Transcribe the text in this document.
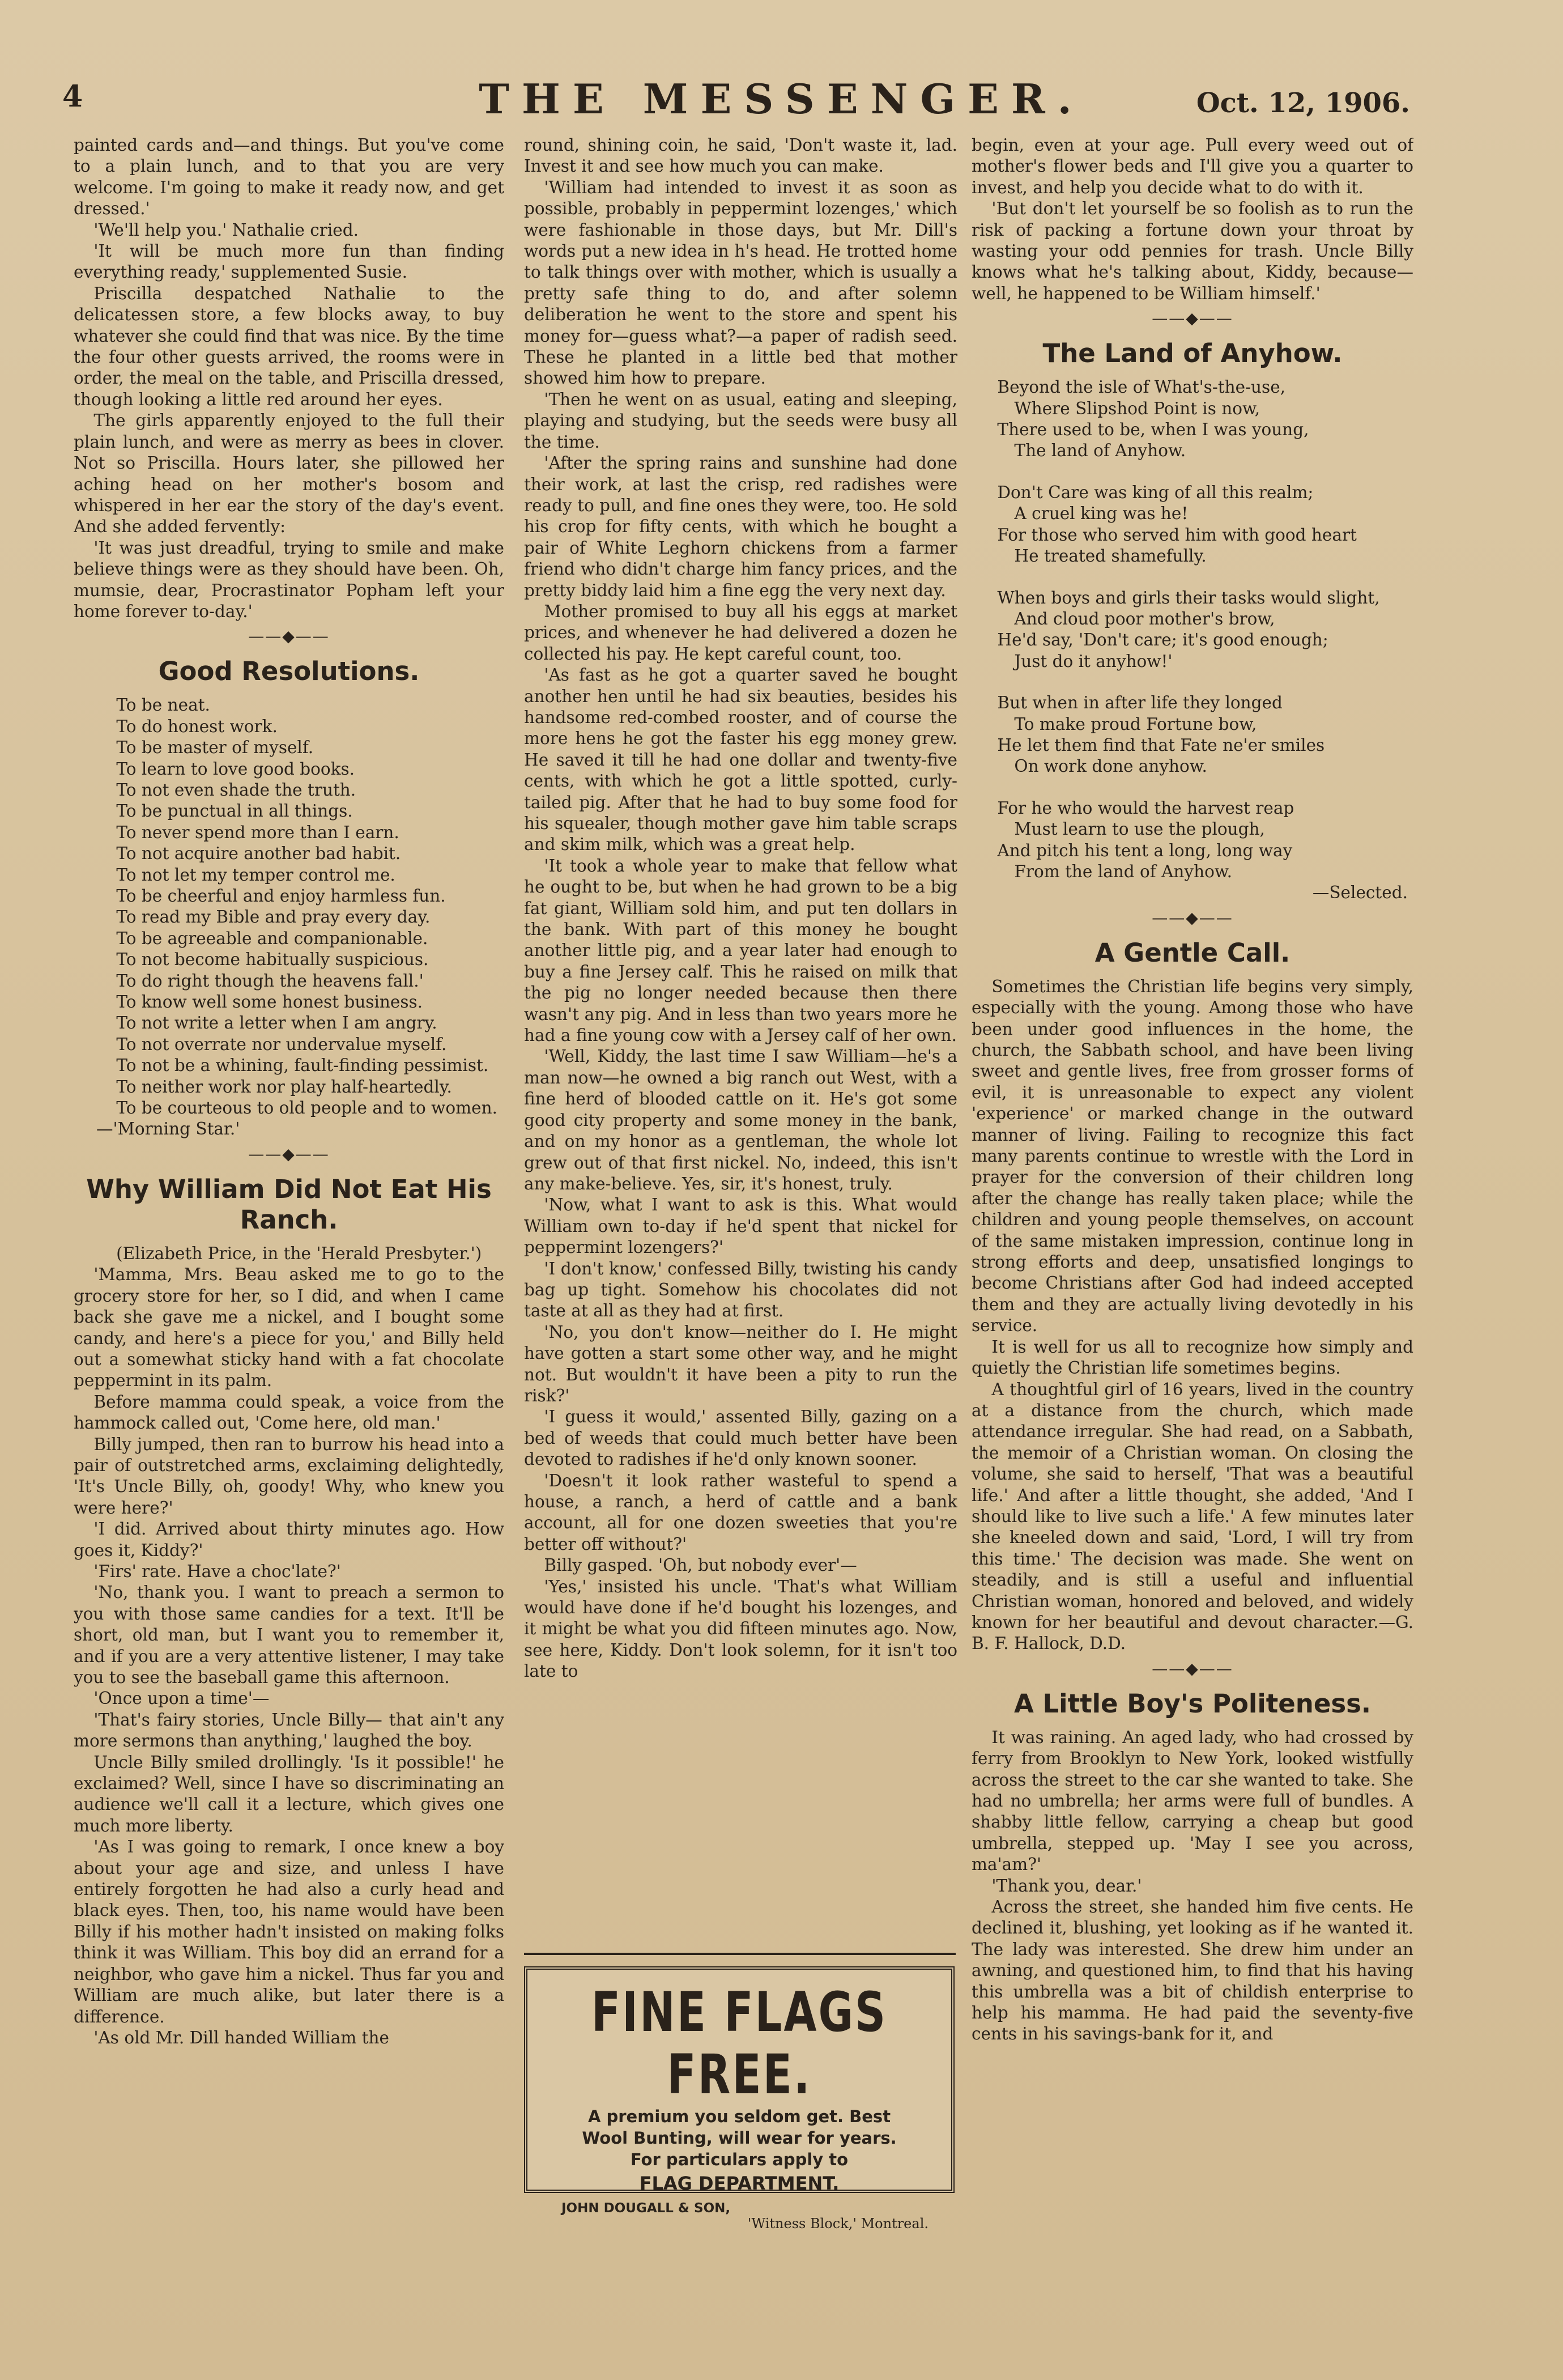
4	THE MESSENGER.	Oct. 12, 1906.

painted cards and—and things. But you've come to a plain lunch, and to that you are very welcome. I'm going to make it ready now, and get dressed.'

'We'll help you.' Nathalie cried.

'It will be much more fun than finding everything ready,' supplemented Susie.

Priscilla despatched Nathalie to the delicatessen store, a few blocks away, to buy whatever she could find that was nice. By the time the four other guests arrived, the rooms were in order, the meal on the table, and Priscilla dressed, though looking a little red around her eyes.

The girls apparently enjoyed to the full their plain lunch, and were as merry as bees in clover. Not so Priscilla. Hours later, she pillowed her aching head on her mother's bosom and whispered in her ear the story of the day's event. And she added fervently:

'It was just dreadful, trying to smile and make believe things were as they should have been. Oh, mumsie, dear, Procrastinator Popham left your home forever to-day.'

——◆——
Good Resolutions.

To be neat.

To do honest work.

To be master of myself.

To learn to love good books.

To not even shade the truth.

To be punctual in all things.

To never spend more than I earn.

To not acquire another bad habit.

To not let my temper control me.

To be cheerful and enjoy harmless fun.

To read my Bible and pray every day.

To be agreeable and companionable.

To not become habitually suspicious.

To do right though the heavens fall.'

To know well some honest business.

To not write a letter when I am angry.

To not overrate nor undervalue myself.

To not be a whining, fault-finding pessimist.

To neither work nor play half-heartedly.

To be courteous to old people and to women.—'Morning Star.'

——◆——
Why William Did Not Eat His Ranch.

(Elizabeth Price, in the 'Herald Presbyter.')

'Mamma, Mrs. Beau asked me to go to the grocery store for her, so I did, and when I came back she gave me a nickel, and I bought some candy, and here's a piece for you,' and Billy held out a somewhat sticky hand with a fat chocolate peppermint in its palm.

Before mamma could speak, a voice from the hammock called out, 'Come here, old man.'

Billy jumped, then ran to burrow his head into a pair of outstretched arms, exclaiming delightedly, 'It's Uncle Billy, oh, goody! Why, who knew you were here?'

'I did. Arrived about thirty minutes ago. How goes it, Kiddy?'

'Firs' rate. Have a choc'late?'

'No, thank you. I want to preach a sermon to you with those same candies for a text. It'll be short, old man, but I want you to remember it, and if you are a very attentive listener, I may take you to see the baseball game this afternoon.

'Once upon a time'—

'That's fairy stories, Uncle Billy— that ain't any more sermons than anything,' laughed the boy.

Uncle Billy smiled drollingly. 'Is it possible!' he exclaimed? Well, since I have so discriminating an audience we'll call it a lecture, which gives one much more liberty.

'As I was going to remark, I once knew a boy about your age and size, and unless I have entirely forgotten he had also a curly head and black eyes. Then, too, his name would have been Billy if his mother hadn't insisted on making folks think it was William. This boy did an errand for a neighbor, who gave him a nickel. Thus far you and William are much alike, but later there is a difference.

'As old Mr. Dill handed William the

round, shining coin, he said, 'Don't waste it, lad. Invest it and see how much you can make.

'William had intended to invest it as soon as possible, probably in peppermint lozenges,' which were fashionable in those days, but Mr. Dill's words put a new idea in h's head. He trotted home to talk things over with mother, which is usually a pretty safe thing to do, and after solemn deliberation he went to the store and spent his money for—guess what?—a paper of radish seed. These he planted in a little bed that mother showed him how to prepare.

'Then he went on as usual, eating and sleeping, playing and studying, but the seeds were busy all the time.

'After the spring rains and sunshine had done their work, at last the crisp, red radishes were ready to pull, and fine ones they were, too. He sold his crop for fifty cents, with which he bought a pair of White Leghorn chickens from a farmer friend who didn't charge him fancy prices, and the pretty biddy laid him a fine egg the very next day.

Mother promised to buy all his eggs at market prices, and whenever he had delivered a dozen he collected his pay. He kept careful count, too.

'As fast as he got a quarter saved he bought another hen until he had six beauties, besides his handsome red-combed rooster, and of course the more hens he got the faster his egg money grew. He saved it till he had one dollar and twenty-five cents, with which he got a little spotted, curly-tailed pig. After that he had to buy some food for his squealer, though mother gave him table scraps and skim milk, which was a great help.

'It took a whole year to make that fellow what he ought to be, but when he had grown to be a big fat giant, William sold him, and put ten dollars in the bank. With part of this money he bought another little pig, and a year later had enough to buy a fine Jersey calf. This he raised on milk that the pig no longer needed because then there wasn't any pig. And in less than two years more he had a fine young cow with a Jersey calf of her own.

'Well, Kiddy, the last time I saw William—he's a man now—he owned a big ranch out West, with a fine herd of blooded cattle on it. He's got some good city property and some money in the bank, and on my honor as a gentleman, the whole lot grew out of that first nickel. No, indeed, this isn't any make-believe. Yes, sir, it's honest, truly.

'Now, what I want to ask is this. What would William own to-day if he'd spent that nickel for peppermint lozengers?'

'I don't know,' confessed Billy, twisting his candy bag up tight. Somehow his chocolates did not taste at all as they had at first.

'No, you don't know—neither do I. He might have gotten a start some other way, and he might not. But wouldn't it have been a pity to run the risk?'

'I guess it would,' assented Billy, gazing on a bed of weeds that could much better have been devoted to radishes if he'd only known sooner.

'Doesn't it look rather wasteful to spend a house, a ranch, a herd of cattle and a bank account, all for one dozen sweeties that you're better off without?'

Billy gasped. 'Oh, but nobody ever'—

'Yes,' insisted his uncle. 'That's what William would have done if he'd bought his lozenges, and it might be what you did fifteen minutes ago. Now, see here, Kiddy. Don't look solemn, for it isn't too late to

FINE FLAGS FREE.
A premium you seldom get. Best
Wool Bunting, will wear for years.
For particulars apply to
FLAG DEPARTMENT.
JOHN DOUGALL & SON,
'Witness Block,' Montreal.

begin, even at your age. Pull every weed out of mother's flower beds and I'll give you a quarter to invest, and help you decide what to do with it.

'But don't let yourself be so foolish as to run the risk of packing a fortune down your throat by wasting your odd pennies for trash. Uncle Billy knows what he's talking about, Kiddy, because—well, he happened to be William himself.'

——◆——
The Land of Anyhow.

Beyond the isle of What's-the-use,

Where Slipshod Point is now,

There used to be, when I was young,

The land of Anyhow.

Don't Care was king of all this realm;

A cruel king was he!

For those who served him with good heart

He treated shamefully.

When boys and girls their tasks would slight,

And cloud poor mother's brow,

He'd say, 'Don't care; it's good enough;

Just do it anyhow!'

But when in after life they longed

To make proud Fortune bow,

He let them find that Fate ne'er smiles

On work done anyhow.

For he who would the harvest reap

Must learn to use the plough,

And pitch his tent a long, long way

From the land of Anyhow.

—Selected.

——◆——
A Gentle Call.

Sometimes the Christian life begins very simply, especially with the young. Among those who have been under good influences in the home, the church, the Sabbath school, and have been living sweet and gentle lives, free from grosser forms of evil, it is unreasonable to expect any violent 'experience' or marked change in the outward manner of living. Failing to recognize this fact many parents continue to wrestle with the Lord in prayer for the conversion of their children long after the change has really taken place; while the children and young people themselves, on account of the same mistaken impression, continue long in strong efforts and deep, unsatisfied longings to become Christians after God had indeed accepted them and they are actually living devotedly in his service.

It is well for us all to recognize how simply and quietly the Christian life sometimes begins.

A thoughtful girl of 16 years, lived in the country at a distance from the church, which made attendance irregular. She had read, on a Sabbath, the memoir of a Christian woman. On closing the volume, she said to herself, 'That was a beautiful life.' And after a little thought, she added, 'And I should like to live such a life.' A few minutes later she kneeled down and said, 'Lord, I will try from this time.' The decision was made. She went on steadily, and is still a useful and influential Christian woman, honored and beloved, and widely known for her beautiful and devout character.—G. B. F. Hallock, D.D.

——◆——
A Little Boy's Politeness.

It was raining. An aged lady, who had crossed by ferry from Brooklyn to New York, looked wistfully across the street to the car she wanted to take. She had no umbrella; her arms were full of bundles. A shabby little fellow, carrying a cheap but good umbrella, stepped up. 'May I see you across, ma'am?'

'Thank you, dear.'

Across the street, she handed him five cents. He declined it, blushing, yet looking as if he wanted it. The lady was interested. She drew him under an awning, and questioned him, to find that his having this umbrella was a bit of childish enterprise to help his mamma. He had paid the seventy-five cents in his savings-bank for it, and
